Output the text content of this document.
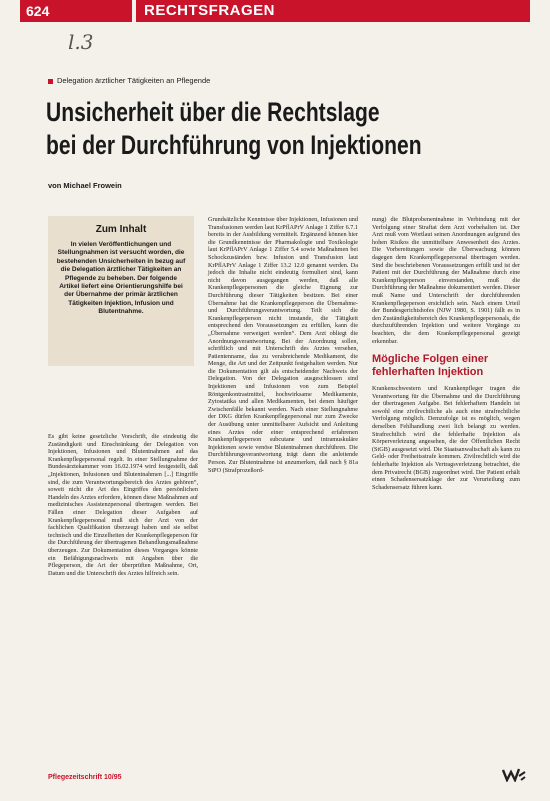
624	RECHTSFRAGEN
l.3
Delegation ärztlicher Tätigkeiten an Pflegende
Unsicherheit über die Rechtslage
bei der Durchführung von Injektionen
von Michael Frowein
Zum Inhalt

In vielen Veröffentlichungen und Stellungnahmen ist versucht worden, die bestehenden Unsicherheiten in bezug auf die Delegation ärztlicher Tätigkeiten an Pflegende zu beheben. Der folgende Artikel liefert eine Orientierungshilfe bei der Übernahme der primär ärztlichen Tätigkeiten Injektion, Infusion und Blutentnahme.

Es gibt keine gesetzliche Vorschrift, die eindeutig die Zuständigkeit und Einschränkung der Delegation von Injektionen, Infusionen und Blutentnahmen auf das Krankenpflegepersonal regelt. In einer Stellungnahme der Bundesärztekammer vom 16.02.1974 wird festgestellt, daß „Injektionen, Infusionen und Blutentnahmen [...] Eingriffe sind, die zum Verantwortungsbereich des Arztes gehören“, soweit nicht die Art des Eingriffes den persönlichen Handeln des Arztes erfordere, können diese Maßnahmen auf medizinisches Assistenzpersonal übertragen werden. Bei Fällen einer Delegation dieser Aufgaben auf Krankenpflegepersonal muß sich der Arzt von der fachlichen Qualifikation überzeugt haben und sie selbst technisch und die Einzelheiten der Krankenpflegeperson für die Durchführung der übertragenen Behandlungsmaßnahme überzeugen. Zur Dokumentation dieses Vorganges könnte ein Befähigungsnachweis mit Angaben über die Pflegeperson, die Art der überprüften Maßnahme, Ort, Datum und die Unterschrift des Arztes hilfreich sein.

Grundsätzliche Kenntnisse über Injektionen, Infusionen und Transfusionen werden laut KrPflAPrV Anlage 1 Ziffer 6.7.1 bereits in der Ausbildung vermittelt. Ergänzend können hier die Grundkenntnisse der Pharmakologie und Toxikologie laut KrPflAPrV Anlage 1 Ziffer 5.4 sowie Maßnahmen bei Schockzuständen bzw. Infusion und Transfusion laut KrPflAPrV Anlage 1 Ziffer 13.2 12.0 genannt werden. Da jedoch die Inhalte nicht eindeutig formuliert sind, kann nicht davon ausgegangen werden, daß alle Krankenpflegepersonen die gleiche Eignung zur Durchführung dieser Tätigkeiten besitzen. Bei einer Übernahme hat die Krankenpflegeperson die Übernahme- und Durchführungsverantwortung. Teilt sich die Krankenpflegeperson nicht imstande, die Tätigkeit entsprechend den Voraussetzungen zu erfüllen, kann die „Übernahme verweigert werden“. Dem Arzt obliegt die Anordnungsverantwortung. Bei der Anordnung sollen, schriftlich und mit Unterschrift des Arztes versehen, Patientenname, das zu verabreichende Medikament, die Menge, die Art und der Zeitpunkt festgehalten werden. Nur die Dokumentation gilt als entscheidender Nachweis der Delegation. Von der Delegation ausgeschlossen sind Injektionen und Infusionen von zum Beispiel Röntgenkontrastmittel, hochwirksame Medikamente, Zytostatika und allen Medikamenten, bei denen häufiger Zwischenfälle bekannt werden. Nach einer Stellungnahme der DKG dürfen Krankenpflegepersonal nur zum Zwecke der Ausübung unter unmittelbarer Aufsicht und Anleitung eines Arztes oder einer entsprechend erfahrenen Krankenpflegeperson subcutane und intramuskuläre Injektionen sowie venöse Blutentnahmen durchführen. Die Durchführungsverantwortung trägt dann die anleitende Person. Zur Blutentnahme ist anzumerken, daß nach § 81a StPO (Strafprozeßord-

nung) die Blutprobenentnahme in Verbindung mit der Verfolgung einer Straftat dem Arzt vorbehalten ist. Der Arzt muß vom Wortlaut seinen Anordnungen aufgrund des hohen Risikos die unmittelbare Anwesenheit des Arztes. Die Vorbereitungen sowie die Überwachung können dagegen dem Krankenpflegepersonal übertragen werden. Sind die beschriebenen Voraussetzungen erfüllt und ist der Patient mit der Durchführung der Maßnahme durch eine Krankenpflegeperson einverstanden, muß die Durchführung der Maßnahme dokumentiert werden. Dieser muß Name und Unterschrift der durchführenden Krankenpflegeperson ersichtlich sein. Nach einem Urteil der Bundesgerichtshofes (NJW 1980, S. 1901) fällt es in den Zuständigkeitsbereich des Krankenpflegepersonals, die durchzuführenden Injektion und weitere Vorgänge zu beachten, die dem Krankenpflegepersonal gezeigt erkennbar.

Mögliche Folgen einer fehlerhaften Injektion

Krankenschwestern und Krankenpfleger tragen die Verantwortung für die Übernahme und die Durchführung der übertragenen Aufgabe. Bei fehlerhaftem Handeln ist sowohl eine zivilrechtliche als auch eine strafrechtliche Verfolgung möglich. Demzufolge ist es möglich, wegen derselben Fehlhandlung zwei lich belangt zu werden. Strafrechtlich wird die fehlerhafte Injektion als Körperverletzung angesehen, die der Öffentlichen Recht (StGB) ausgesetzt wird. Die Staatsanwaltschaft als kann zu Geld- oder Freiheitsstrafe kommen. Zivilrechtlich wird die fehlerhafte Injektion als Vertragsverletzung betrachtet, die dem Privatrecht (BGB) zugeordnet wird. Der Patient erhält einen Schadensersatzklage der zur Verurteilung zum Schadensersatz führen kann.

Pflegezeitschrift 10/95
